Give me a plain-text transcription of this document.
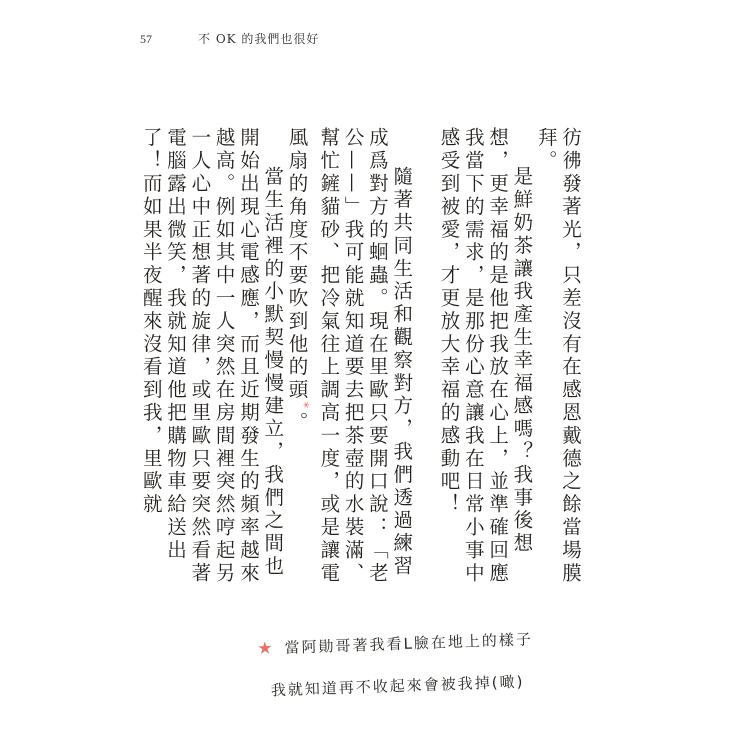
57	不 OK 的我們也很好

彷彿發著光，只差沒有在感恩戴德之餘當場膜拜。

是鮮奶茶讓我產生幸福感嗎？我事後想想，更幸福的是他把我放在心上，並準確回應我當下的需求，是那份心意讓我在日常小事中感受到被愛，才更放大幸福的感動吧！

隨著共同生活和觀察對方，我們透過練習成爲對方的蛔蟲。現在里歐只要開口說：「老公——」我可能就知道要去把茶壺的水裝滿、幫忙鏟貓砂、把冷氣往上調高一度，或是讓電風扇的角度不要吹到他的頭*。

當生活裡的小默契慢慢建立，我們之間也開始出現心電感應，而且近期發生的頻率越來越高。例如其中一人突然在房間裡突然哼起另一人心中正想著的旋律，或里歐只要突然看著電腦露出微笑，我就知道他把購物車給送出了！而如果半夜醒來沒看到我，里歐就

★ 當阿勛哥著我看L臉在地上的樣子
我就知道再不收起來會被我掉(噉)
